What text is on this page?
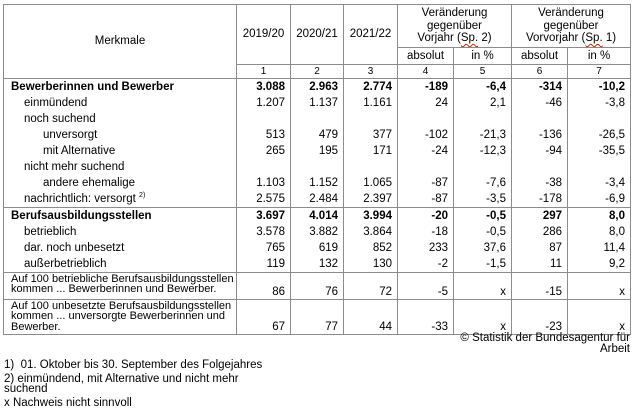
Merkmale	2019/20	2020/21	2021/22	
Veränderung
gegenüber
Vorjahr (Sp. 2)

Veränderung
gegenüber
Vorvorjahr (Sp. 1)

				absolut	in %	absolut	in %
	1	2	3	4	5	6	7
Bewerberinnen und Bewerber	3.088	2.963	2.774	-189	-6,4	-314	-10,2
einmündend	1.207	1.137	1.161	24	2,1	-46	-3,8
noch suchend							
unversorgt	513	479	377	-102	-21,3	-136	-26,5
mit Alternative	265	195	171	-24	-12,3	-94	-35,5
nicht mehr suchend							
andere ehemalige	1.103	1.152	1.065	-87	-7,6	-38	-3,4
nachrichtlich: versorgt $^{2)}$	2.575	2.484	2.397	-87	-3,5	-178	-6,9
Berufsausbildungsstellen	3.697	4.014	3.994	-20	-0,5	297	8,0
betrieblich	3.578	3.882	3.864	-18	-0,5	286	8,0
dar. noch unbesetzt	765	619	852	233	37,6	87	11,4
außerbetrieblich	119	132	130	-2	-1,5	11	9,2

Auf 100 betriebliche Berufsausbildungsstellen
kommen ... Bewerberinnen und Bewerber.	86	76	72	-5	x	-15	x

Auf 100 unbesetzte Berufsausbildungsstellen
kommen ... unversorgte Bewerberinnen und
Bewerber.	67	77	44	-33	x	-23	x
© Statistik der Bundesagentur für
Arbeit
1)  01. Oktober bis 30. September des Folgejahres
2) einmündend, mit Alternative und nicht mehr
suchend
x Nachweis nicht sinnvoll
